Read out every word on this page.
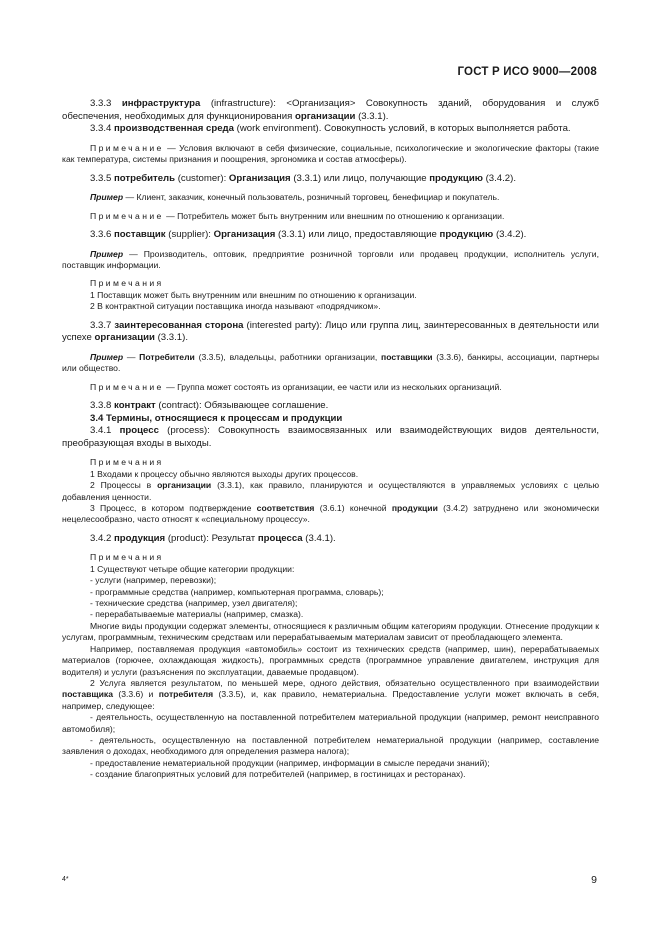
ГОСТ Р ИСО 9000—2008

3.3.3 инфраструктура (infrastructure): <Организация> Совокупность зданий, оборудования и служб обеспечения, необходимых для функционирования организации (3.3.1).

3.3.4 производственная среда (work environment). Совокупность условий, в которых выполняется работа.

Примечание — Условия включают в себя физические, социальные, психологические и экологические факторы (такие как температура, системы признания и поощрения, эргономика и состав атмосферы).

3.3.5 потребитель (customer): Организация (3.3.1) или лицо, получающие продукцию (3.4.2).

Пример — Клиент, заказчик, конечный пользователь, розничный торговец, бенефициар и покупатель.

Примечание — Потребитель может быть внутренним или внешним по отношению к организации.

3.3.6 поставщик (supplier): Организация (3.3.1) или лицо, предоставляющие продукцию (3.4.2).

Пример — Производитель, оптовик, предприятие розничной торговли или продавец продукции, исполнитель услуги, поставщик информации.

Примечания

1 Поставщик может быть внутренним или внешним по отношению к организации.

2 В контрактной ситуации поставщика иногда называют «подрядчиком».

3.3.7 заинтересованная сторона (interested party): Лицо или группа лиц, заинтересованных в деятельности или успехе организации (3.3.1).

Пример — Потребители (3.3.5), владельцы, работники организации, поставщики (3.3.6), банкиры, ассоциации, партнеры или общество.

Примечание — Группа может состоять из организации, ее части или из нескольких организаций.

3.3.8 контракт (contract): Обязывающее соглашение.

3.4 Термины, относящиеся к процессам и продукции

3.4.1 процесс (process): Совокупность взаимосвязанных или взаимодействующих видов деятельности, преобразующая входы в выходы.

Примечания

1 Входами к процессу обычно являются выходы других процессов.

2 Процессы в организации (3.3.1), как правило, планируются и осуществляются в управляемых условиях с целью добавления ценности.

3 Процесс, в котором подтверждение соответствия (3.6.1) конечной продукции (3.4.2) затруднено или экономически нецелесообразно, часто относят к «специальному процессу».

3.4.2 продукция (product): Результат процесса (3.4.1).

Примечания

1 Существуют четыре общие категории продукции:

- услуги (например, перевозки);

- программные средства (например, компьютерная программа, словарь);

- технические средства (например, узел двигателя);

- перерабатываемые материалы (например, смазка).

Многие виды продукции содержат элементы, относящиеся к различным общим категориям продукции. Отнесение продукции к услугам, программным, техническим средствам или перерабатываемым материалам зависит от преобладающего элемента.

Например, поставляемая продукция «автомобиль» состоит из технических средств (например, шин), перерабатываемых материалов (горючее, охлаждающая жидкость), программных средств (программное управление двигателем, инструкция для водителя) и услуги (разъяснения по эксплуатации, даваемые продавцом).

2 Услуга является результатом, по меньшей мере, одного действия, обязательно осуществленного при взаимодействии поставщика (3.3.6) и потребителя (3.3.5), и, как правило, нематериальна. Предоставление услуги может включать в себя, например, следующее:

- деятельность, осуществленную на поставленной потребителем материальной продукции (например, ремонт неисправного автомобиля);

- деятельность, осуществленную на поставленной потребителем нематериальной продукции (например, составление заявления о доходах, необходимого для определения размера налога);

- предоставление нематериальной продукции (например, информации в смысле передачи знаний);

- создание благоприятных условий для потребителей (например, в гостиницах и ресторанах).

4*	9
